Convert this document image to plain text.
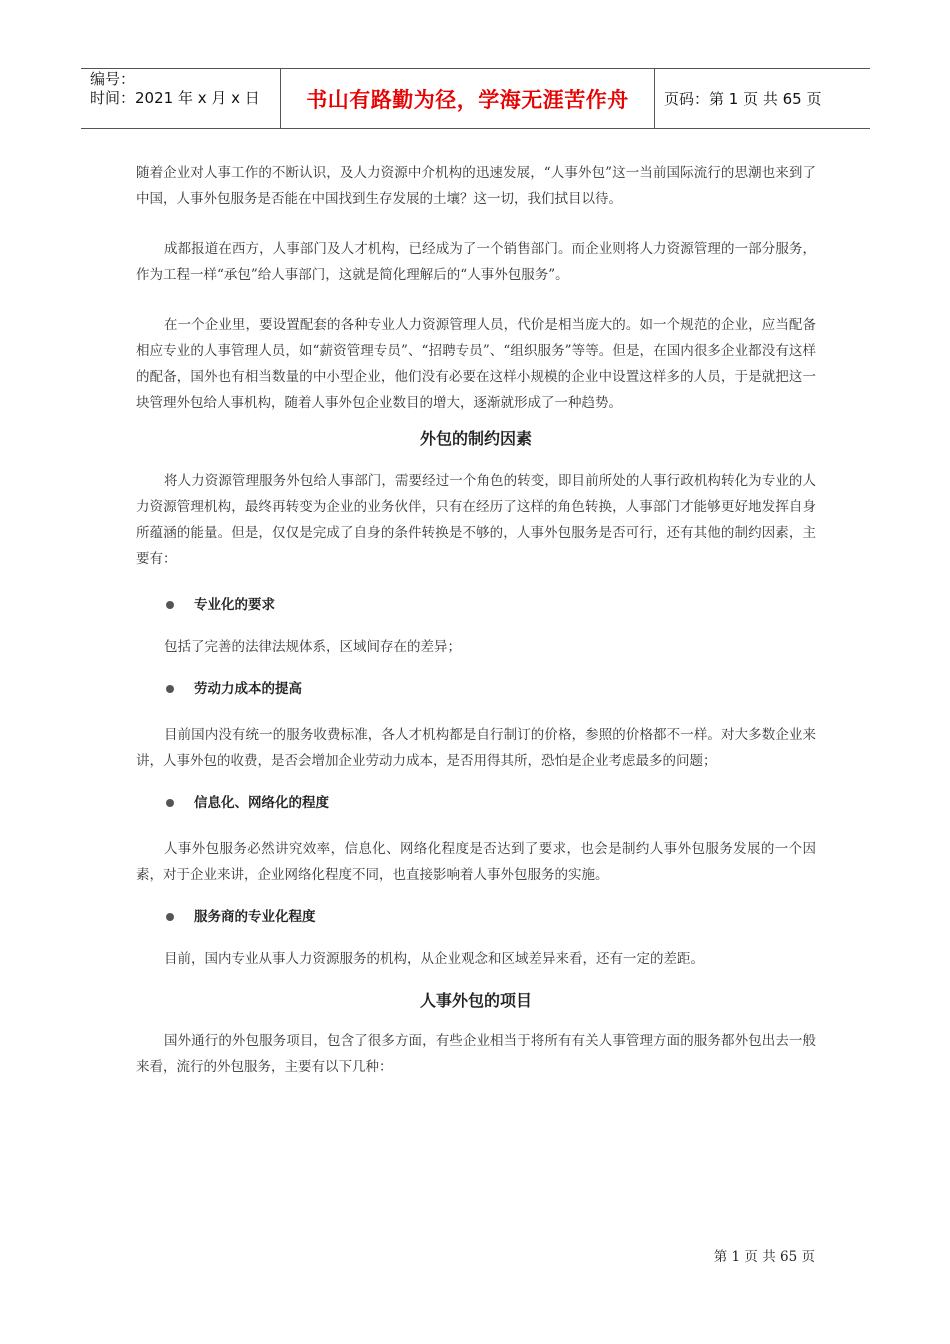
编号：
时间：2021 年 x 月 x 日	书山有路勤为径，学海无涯苦作舟	页码：第 1 页 共 65 页

随着企业对人事工作的不断认识，及人力资源中介机构的迅速发展，“人事外包”这一当前国际流行的思潮也来到了中国，人事外包服务是否能在中国找到生存发展的土壤？这一切，我们拭目以待。

成都报道在西方，人事部门及人才机构，已经成为了一个销售部门。而企业则将人力资源管理的一部分服务，作为工程一样“承包”给人事部门，这就是简化理解后的“人事外包服务”。

在一个企业里，要设置配套的各种专业人力资源管理人员，代价是相当庞大的。如一个规范的企业，应当配备相应专业的人事管理人员，如“薪资管理专员”、“招聘专员”、“组织服务”等等。但是，在国内很多企业都没有这样的配备，国外也有相当数量的中小型企业，他们没有必要在这样小规模的企业中设置这样多的人员，于是就把这一块管理外包给人事机构，随着人事外包企业数目的增大，逐渐就形成了一种趋势。

外包的制约因素

将人力资源管理服务外包给人事部门，需要经过一个角色的转变，即目前所处的人事行政机构转化为专业的人力资源管理机构，最终再转变为企业的业务伙伴，只有在经历了这样的角色转换，人事部门才能够更好地发挥自身所蕴涵的能量。但是，仅仅是完成了自身的条件转换是不够的，人事外包服务是否可行，还有其他的制约因素，主要有：

专业化的要求

包括了完善的法律法规体系，区域间存在的差异；

劳动力成本的提高

目前国内没有统一的服务收费标准，各人才机构都是自行制订的价格，参照的价格都不一样。对大多数企业来讲，人事外包的收费，是否会增加企业劳动力成本，是否用得其所，恐怕是企业考虑最多的问题；

信息化、网络化的程度

人事外包服务必然讲究效率，信息化、网络化程度是否达到了要求，也会是制约人事外包服务发展的一个因素，对于企业来讲，企业网络化程度不同，也直接影响着人事外包服务的实施。

服务商的专业化程度

目前，国内专业从事人力资源服务的机构，从企业观念和区域差异来看，还有一定的差距。

人事外包的项目

国外通行的外包服务项目，包含了很多方面，有些企业相当于将所有有关人事管理方面的服务都外包出去一般来看，流行的外包服务，主要有以下几种：

第 1 页 共 65 页
